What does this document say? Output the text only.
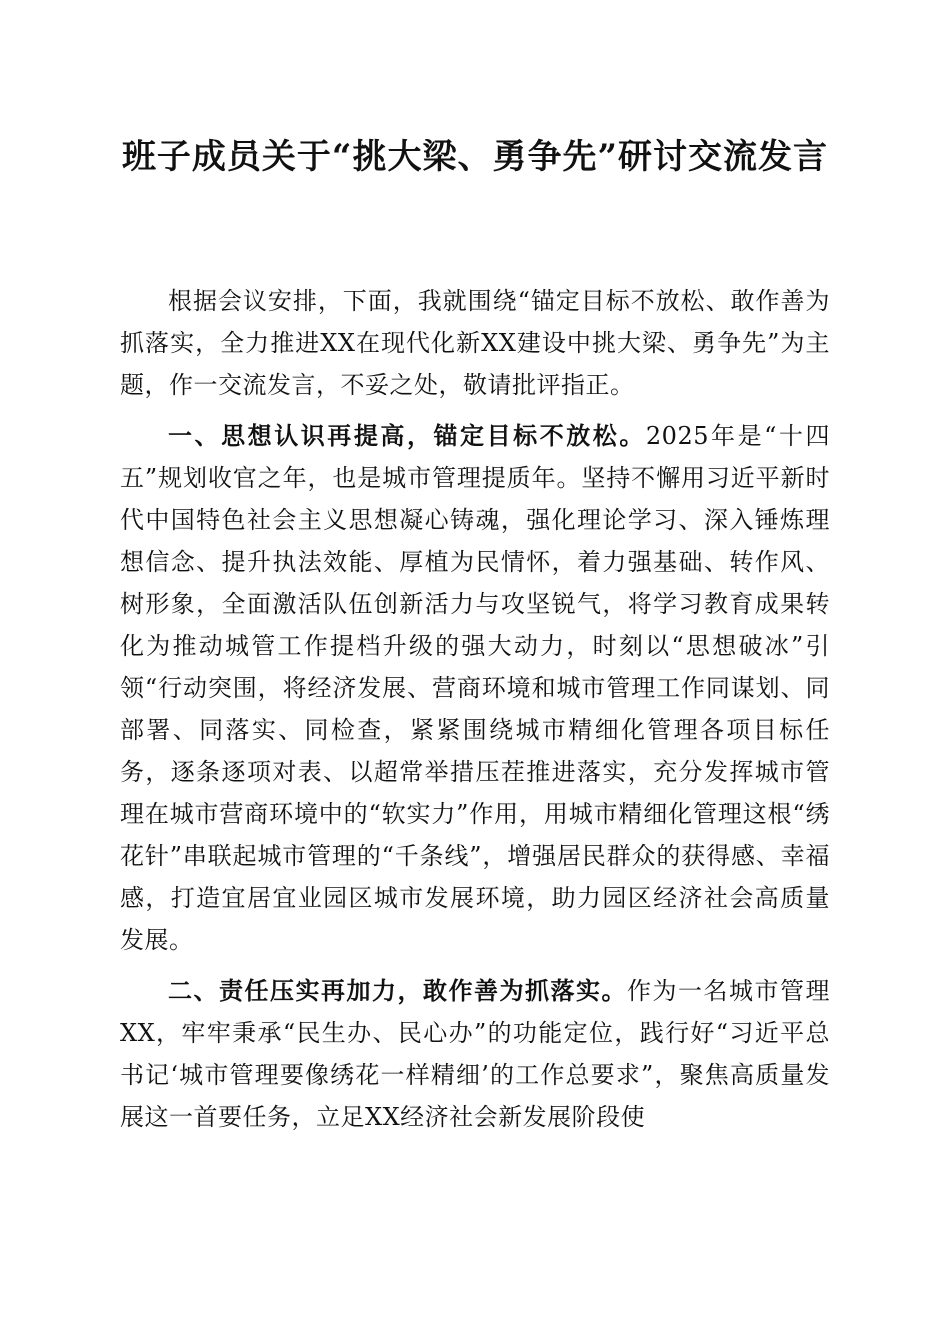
班子成员关于“挑大梁、勇争先”研讨交流发言

根据会议安排，下面，我就围绕“锚定目标不放松、敢作善为抓落实，全力推进XX在现代化新XX建设中挑大梁、勇争先”为主题，作一交流发言，不妥之处，敬请批评指正。

一、思想认识再提高，锚定目标不放松。2025年是“十四五”规划收官之年，也是城市管理提质年。坚持不懈用习近平新时代中国特色社会主义思想凝心铸魂，强化理论学习、深入锤炼理想信念、提升执法效能、厚植为民情怀，着力强基础、转作风、树形象，全面激活队伍创新活力与攻坚锐气，将学习教育成果转化为推动城管工作提档升级的强大动力，时刻以“思想破冰”引领“行动突围，将经济发展、营商环境和城市管理工作同谋划、同部署、同落实、同检查，紧紧围绕城市精细化管理各项目标任务，逐条逐项对表、以超常举措压茬推进落实，充分发挥城市管理在城市营商环境中的“软实力”作用，用城市精细化管理这根“绣花针”串联起城市管理的“千条线”，增强居民群众的获得感、幸福感，打造宜居宜业园区城市发展环境，助力园区经济社会高质量发展。

二、责任压实再加力，敢作善为抓落实。作为一名城市管理XX，牢牢秉承“民生办、民心办”的功能定位，践行好“习近平总书记‘城市管理要像绣花一样精细’的工作总要求”，聚焦高质量发展这一首要任务，立足XX经济社会新发展阶段使
